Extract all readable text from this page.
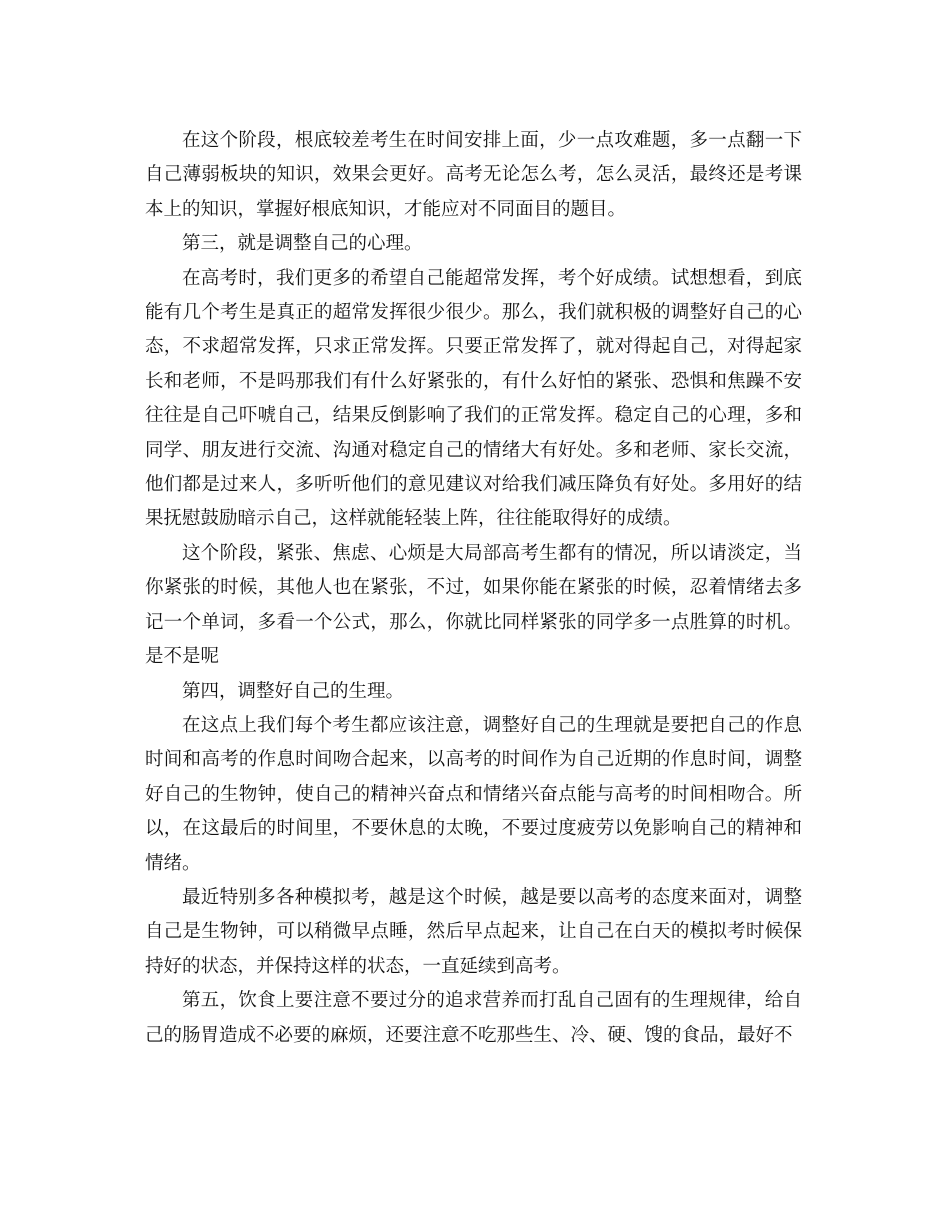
在这个阶段，根底较差考生在时间安排上面，少一点攻难题，多一点翻一下自己薄弱板块的知识，效果会更好。高考无论怎么考，怎么灵活，最终还是考课本上的知识，掌握好根底知识，才能应对不同面目的题目。

第三，就是调整自己的心理。

在高考时，我们更多的希望自己能超常发挥，考个好成绩。试想想看，到底能有几个考生是真正的超常发挥很少很少。那么，我们就积极的调整好自己的心态，不求超常发挥，只求正常发挥。只要正常发挥了，就对得起自己，对得起家长和老师，不是吗那我们有什么好紧张的，有什么好怕的紧张、恐惧和焦躁不安往往是自己吓唬自己，结果反倒影响了我们的正常发挥。稳定自己的心理，多和同学、朋友进行交流、沟通对稳定自己的情绪大有好处。多和老师、家长交流，他们都是过来人，多听听他们的意见建议对给我们减压降负有好处。多用好的结果抚慰鼓励暗示自己，这样就能轻装上阵，往往能取得好的成绩。

这个阶段，紧张、焦虑、心烦是大局部高考生都有的情况，所以请淡定，当你紧张的时候，其他人也在紧张，不过，如果你能在紧张的时候，忍着情绪去多记一个单词，多看一个公式，那么，你就比同样紧张的同学多一点胜算的时机。是不是呢

第四，调整好自己的生理。

在这点上我们每个考生都应该注意，调整好自己的生理就是要把自己的作息时间和高考的作息时间吻合起来，以高考的时间作为自己近期的作息时间，调整好自己的生物钟，使自己的精神兴奋点和情绪兴奋点能与高考的时间相吻合。所以，在这最后的时间里，不要休息的太晚，不要过度疲劳以免影响自己的精神和情绪。

最近特别多各种模拟考，越是这个时候，越是要以高考的态度来面对，调整自己是生物钟，可以稍微早点睡，然后早点起来，让自己在白天的模拟考时候保持好的状态，并保持这样的状态，一直延续到高考。

第五，饮食上要注意不要过分的追求营养而打乱自己固有的生理规律，给自己的肠胃造成不必要的麻烦，还要注意不吃那些生、冷、硬、馊的食品，最好不
